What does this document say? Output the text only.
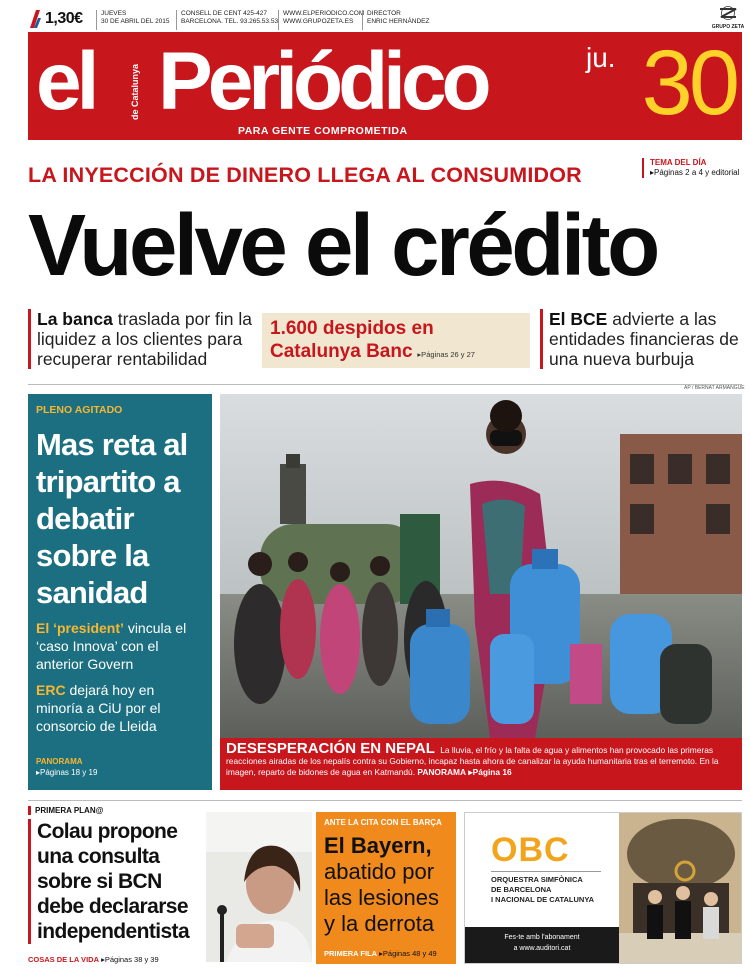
1,30€	JUEVES
30 DE ABRIL DEL 2015
CONSELL DE CENT 425-427
BARCELONA. TEL. 93.265.53.53
WWW.ELPERIODICO.COM
WWW.GRUPOZETA.ES
DIRECTOR
ENRIC HERNÁNDEZ
GRUPO ZETA
el	de Catalunya Periódico
PARA GENTE COMPROMETIDA
ju. 30
LA INYECCIÓN DE DINERO LLEGA AL CONSUMIDOR
TEMA DEL DÍA
▸Páginas 2 a 4 y editorial
Vuelve el crédito
La banca traslada por fin la liquidez a los clientes para recuperar rentabilidad
1.600 despidos en Catalunya Banc ▸Páginas 26 y 27
El BCE advierte a las entidades financieras de una nueva burbuja
PLENO AGITADO
Mas reta al tripartito a debatir sobre la sanidad
El ‘president’ vincula el ‘caso Innova’ con el anterior Govern
ERC dejará hoy en minoría a CiU por el consorcio de Lleida
PANORAMA
▸Páginas 18 y 19
AP / BERNAT ARMANGUE
DESESPERACIÓN EN NEPAL La lluvia, el frío y la falta de agua y alimentos han provocado las primeras reacciones airadas de los nepalís contra su Gobierno, incapaz hasta ahora de canalizar la ayuda humanitaria tras el terremoto. En la imagen, reparto de bidones de agua en Katmandú. PANORAMA ▸Página 16
PRIMERA PLAN@
Colau propone una consulta sobre si BCN debe declararse independentista
COSAS DE LA VIDA ▸Páginas 38 y 39
ANTE LA CITA CON EL BARÇA
El Bayern, abatido por las lesiones y la derrota
PRIMERA FILA ▸Páginas 48 y 49
OBC
ORQUESTRA SIMFÒNICA
DE BARCELONA
I NACIONAL DE CATALUNYA
Fes-te amb l'abonament
a www.auditori.cat
